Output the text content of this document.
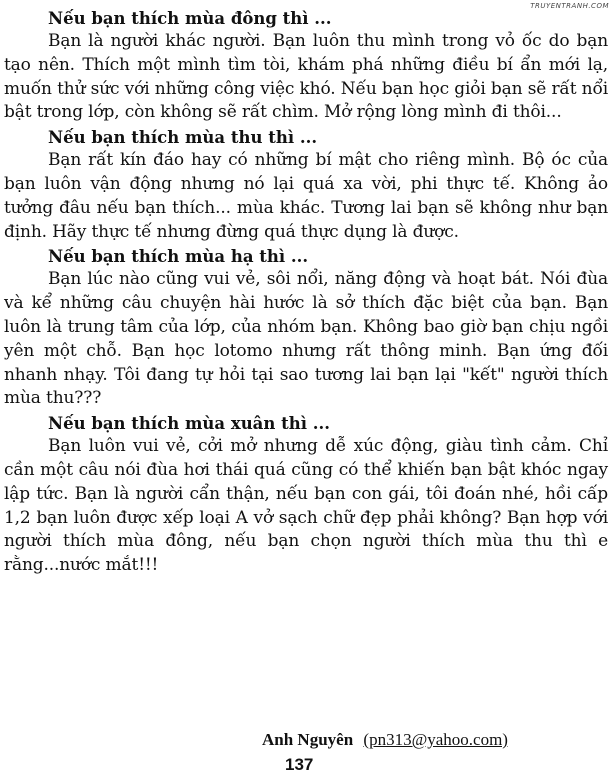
TRUYENTRANH.COM

Nếu bạn thích mùa đông thì ...

Bạn là người khác người. Bạn luôn thu mình trong vỏ ốc do bạn tạo nên. Thích một mình tìm tòi, khám phá những điều bí ẩn mới lạ, muốn thử sức với những công việc khó. Nếu bạn học giỏi bạn sẽ rất nổi bật trong lớp, còn không sẽ rất chìm. Mở rộng lòng mình đi thôi...

Nếu bạn thích mùa thu thì ...

Bạn rất kín đáo hay có những bí mật cho riêng mình. Bộ óc của bạn luôn vận động nhưng nó lại quá xa vời, phi thực tế. Không ảo tưởng đâu nếu bạn thích... mùa khác. Tương lai bạn sẽ không như bạn định. Hãy thực tế nhưng đừng quá thực dụng là được.

Nếu bạn thích mùa hạ thì ...

Bạn lúc nào cũng vui vẻ, sôi nổi, năng động và hoạt bát. Nói đùa và kể những câu chuyện hài hước là sở thích đặc biệt của bạn. Bạn luôn là trung tâm của lớp, của nhóm bạn. Không bao giờ bạn chịu ngồi yên một chỗ. Bạn học lotomo nhưng rất thông minh. Bạn ứng đối nhanh nhạy. Tôi đang tự hỏi tại sao tương lai bạn lại "kết" người thích mùa thu???

Nếu bạn thích mùa xuân thì ...

Bạn luôn vui vẻ, cởi mở nhưng dễ xúc động, giàu tình cảm. Chỉ cần một câu nói đùa hơi thái quá cũng có thể khiến bạn bật khóc ngay lập tức. Bạn là người cẩn thận, nếu bạn con gái, tôi đoán nhé, hồi cấp 1,2 bạn luôn được xếp loại A vở sạch chữ đẹp phải không? Bạn hợp với người thích mùa đông, nếu bạn chọn người thích mùa thu thì e rằng...nước mắt!!!

Anh Nguyên (pn313@yahoo.com)
137
